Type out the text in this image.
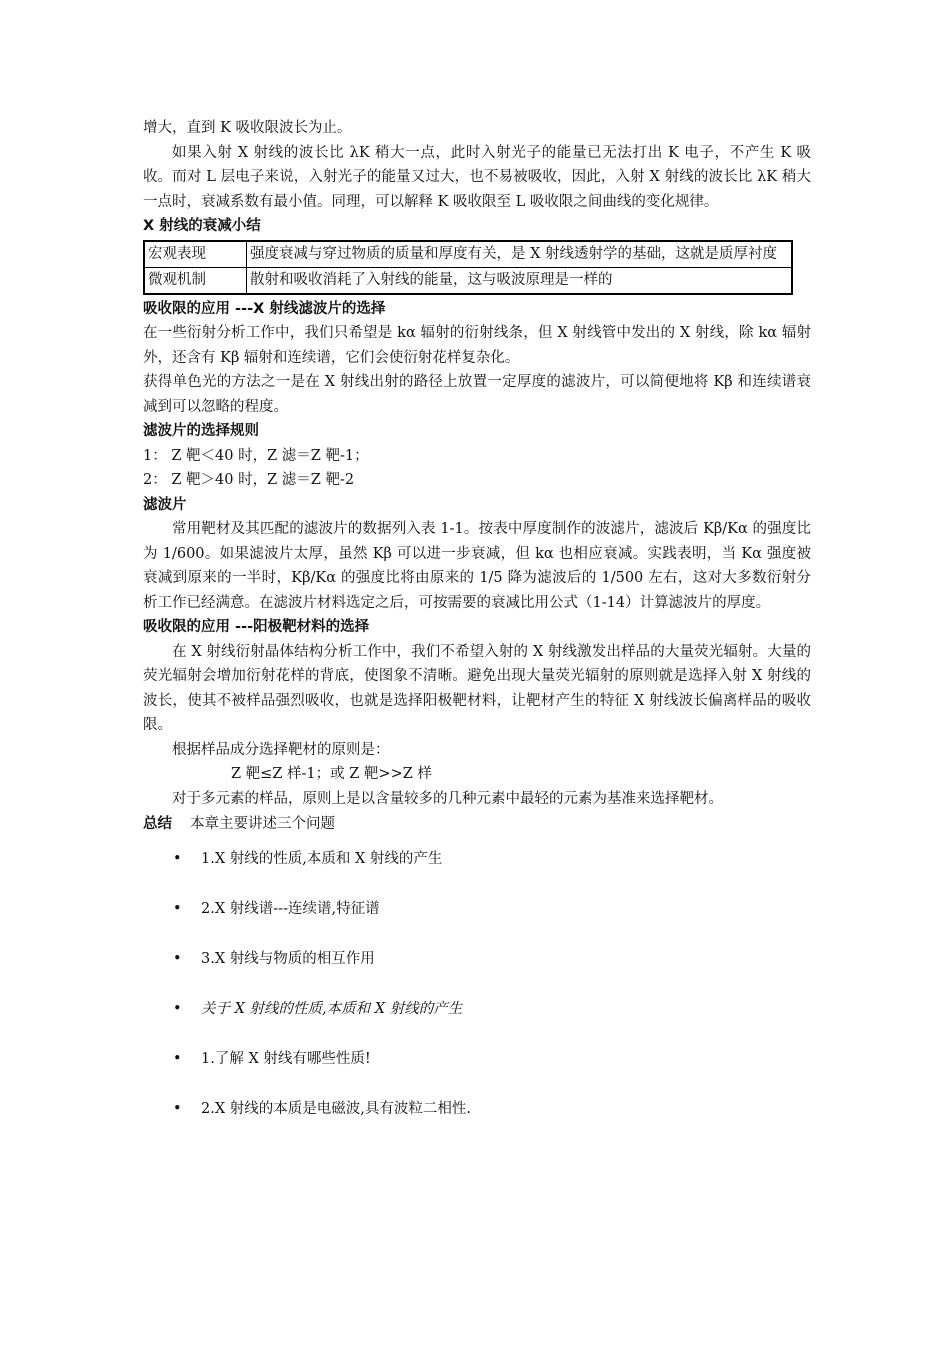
增大，直到 K 吸收限波长为止。

如果入射 X 射线的波长比 λK 稍大一点，此时入射光子的能量已无法打出 K 电子，不产生 K 吸收。而对 L 层电子来说，入射光子的能量又过大，也不易被吸收，因此，入射 X 射线的波长比 λK 稍大一点时，衰减系数有最小值。同理，可以解释 K 吸收限至 L 吸收限之间曲线的变化规律。

X 射线的衰减小结
宏观表现	强度衰减与穿过物质的质量和厚度有关，是 X 射线透射学的基础，这就是质厚衬度
微观机制	散射和吸收消耗了入射线的能量，这与吸波原理是一样的
吸收限的应用 ---X 射线滤波片的选择

在一些衍射分析工作中，我们只希望是 kα 辐射的衍射线条，但 X 射线管中发出的 X 射线，除 kα 辐射外，还含有 Kβ 辐射和连续谱，它们会使衍射花样复杂化。

获得单色光的方法之一是在 X 射线出射的路径上放置一定厚度的滤波片，可以简便地将 Kβ 和连续谱衰减到可以忽略的程度。

滤波片的选择规则

1： Z 靶＜40 时，Z 滤＝Z 靶-1；

2： Z 靶＞40 时，Z 滤＝Z 靶-2

滤波片

常用靶材及其匹配的滤波片的数据列入表 1-1。按表中厚度制作的波滤片，滤波后 Kβ/Kα 的强度比为 1/600。如果滤波片太厚，虽然 Kβ 可以进一步衰减，但 kα 也相应衰减。实践表明，当 Kα 强度被衰减到原来的一半时，Kβ/Kα 的强度比将由原来的 1/5 降为滤波后的 1/500 左右，这对大多数衍射分析工作已经满意。在滤波片材料选定之后，可按需要的衰减比用公式（1-14）计算滤波片的厚度。

吸收限的应用 ---阳极靶材料的选择

在 X 射线衍射晶体结构分析工作中，我们不希望入射的 X 射线激发出样品的大量荧光辐射。大量的荧光辐射会增加衍射花样的背底，使图象不清晰。避免出现大量荧光辐射的原则就是选择入射 X 射线的波长，使其不被样品强烈吸收，也就是选择阳极靶材料，让靶材产生的特征 X 射线波长偏离样品的吸收限。

根据样品成分选择靶材的原则是：

Z 靶≤Z 样-1；或 Z 靶>>Z 样

对于多元素的样品，原则上是以含量较多的几种元素中最轻的元素为基准来选择靶材。

总结 本章主要讲述三个问题

• 1.X 射线的性质,本质和 X 射线的产生
• 2.X 射线谱---连续谱,特征谱
• 3.X 射线与物质的相互作用
• 关于 X 射线的性质,本质和 X 射线的产生
• 1.了解 X 射线有哪些性质!
• 2.X 射线的本质是电磁波,具有波粒二相性.
